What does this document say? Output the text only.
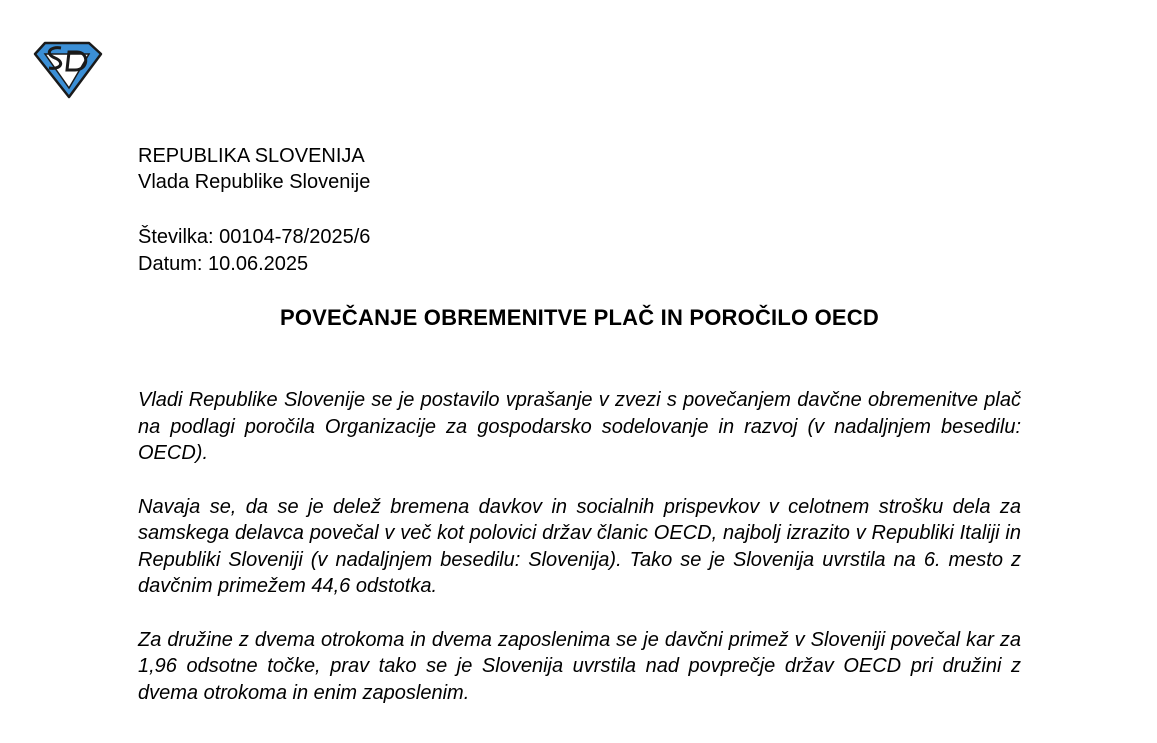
REPUBLIKA SLOVENIJA
Vlada Republike Slovenije
Številka: 00104-78/2025/6
Datum: 10.06.2025
POVEČANJE OBREMENITVE PLAČ IN POROČILO OECD

Vladi Republike Slovenije se je postavilo vprašanje v zvezi s povečanjem davčne obremenitve plač na podlagi poročila Organizacije za gospodarsko sodelovanje in razvoj (v nadaljnjem besedilu: OECD).

Navaja se, da se je delež bremena davkov in socialnih prispevkov v celotnem strošku dela za samskega delavca povečal v več kot polovici držav članic OECD, najbolj izrazito v Republiki Italiji in Republiki Sloveniji (v nadaljnjem besedilu: Slovenija). Tako se je Slovenija uvrstila na 6. mesto z davčnim primežem 44,6 odstotka.

Za družine z dvema otrokoma in dvema zaposlenima se je davčni primež v Sloveniji povečal kar za 1,96 odsotne točke, prav tako se je Slovenija uvrstila nad povprečje držav OECD pri družini z dvema otrokoma in enim zaposlenim.
